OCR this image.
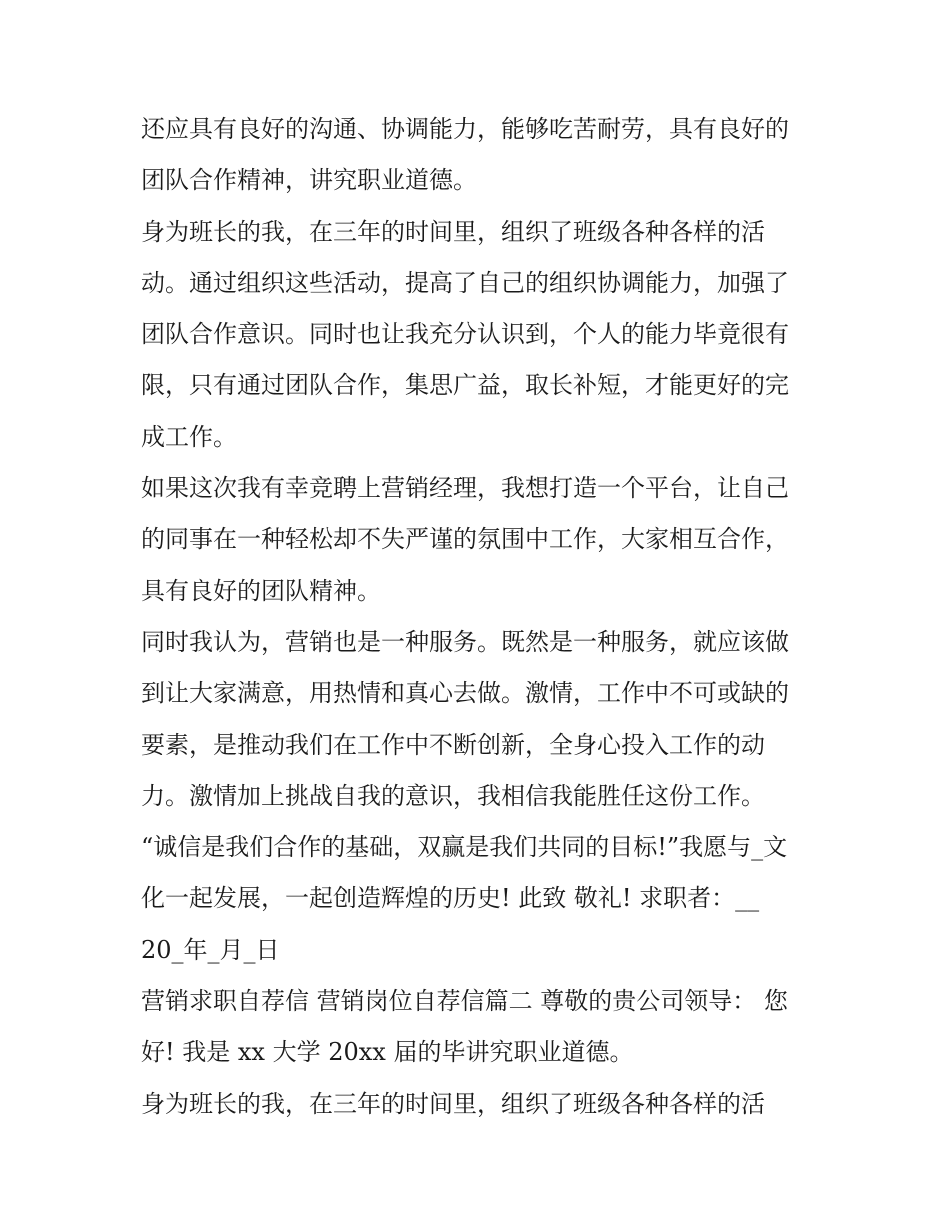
还应具有良好的沟通、协调能力，能够吃苦耐劳，具有良好的
团队合作精神，讲究职业道德。
身为班长的我，在三年的时间里，组织了班级各种各样的活
动。通过组织这些活动，提高了自己的组织协调能力，加强了
团队合作意识。同时也让我充分认识到，个人的能力毕竟很有
限，只有通过团队合作，集思广益，取长补短，才能更好的完
成工作。
如果这次我有幸竞聘上营销经理，我想打造一个平台，让自己
的同事在一种轻松却不失严谨的氛围中工作，大家相互合作，
具有良好的团队精神。
同时我认为，营销也是一种服务。既然是一种服务，就应该做
到让大家满意，用热情和真心去做。激情，工作中不可或缺的
要素，是推动我们在工作中不断创新，全身心投入工作的动
力。激情加上挑战自我的意识，我相信我能胜任这份工作。
“诚信是我们合作的基础，双赢是我们共同的目标!”我愿与_文
化一起发展，一起创造辉煌的历史! 此致 敬礼! 求职者：__
20_年_月_日
营销求职自荐信 营销岗位自荐信篇二 尊敬的贵公司领导： 您
好! 我是 xx 大学 20xx 届的毕讲究职业道德。
身为班长的我，在三年的时间里，组织了班级各种各样的活
